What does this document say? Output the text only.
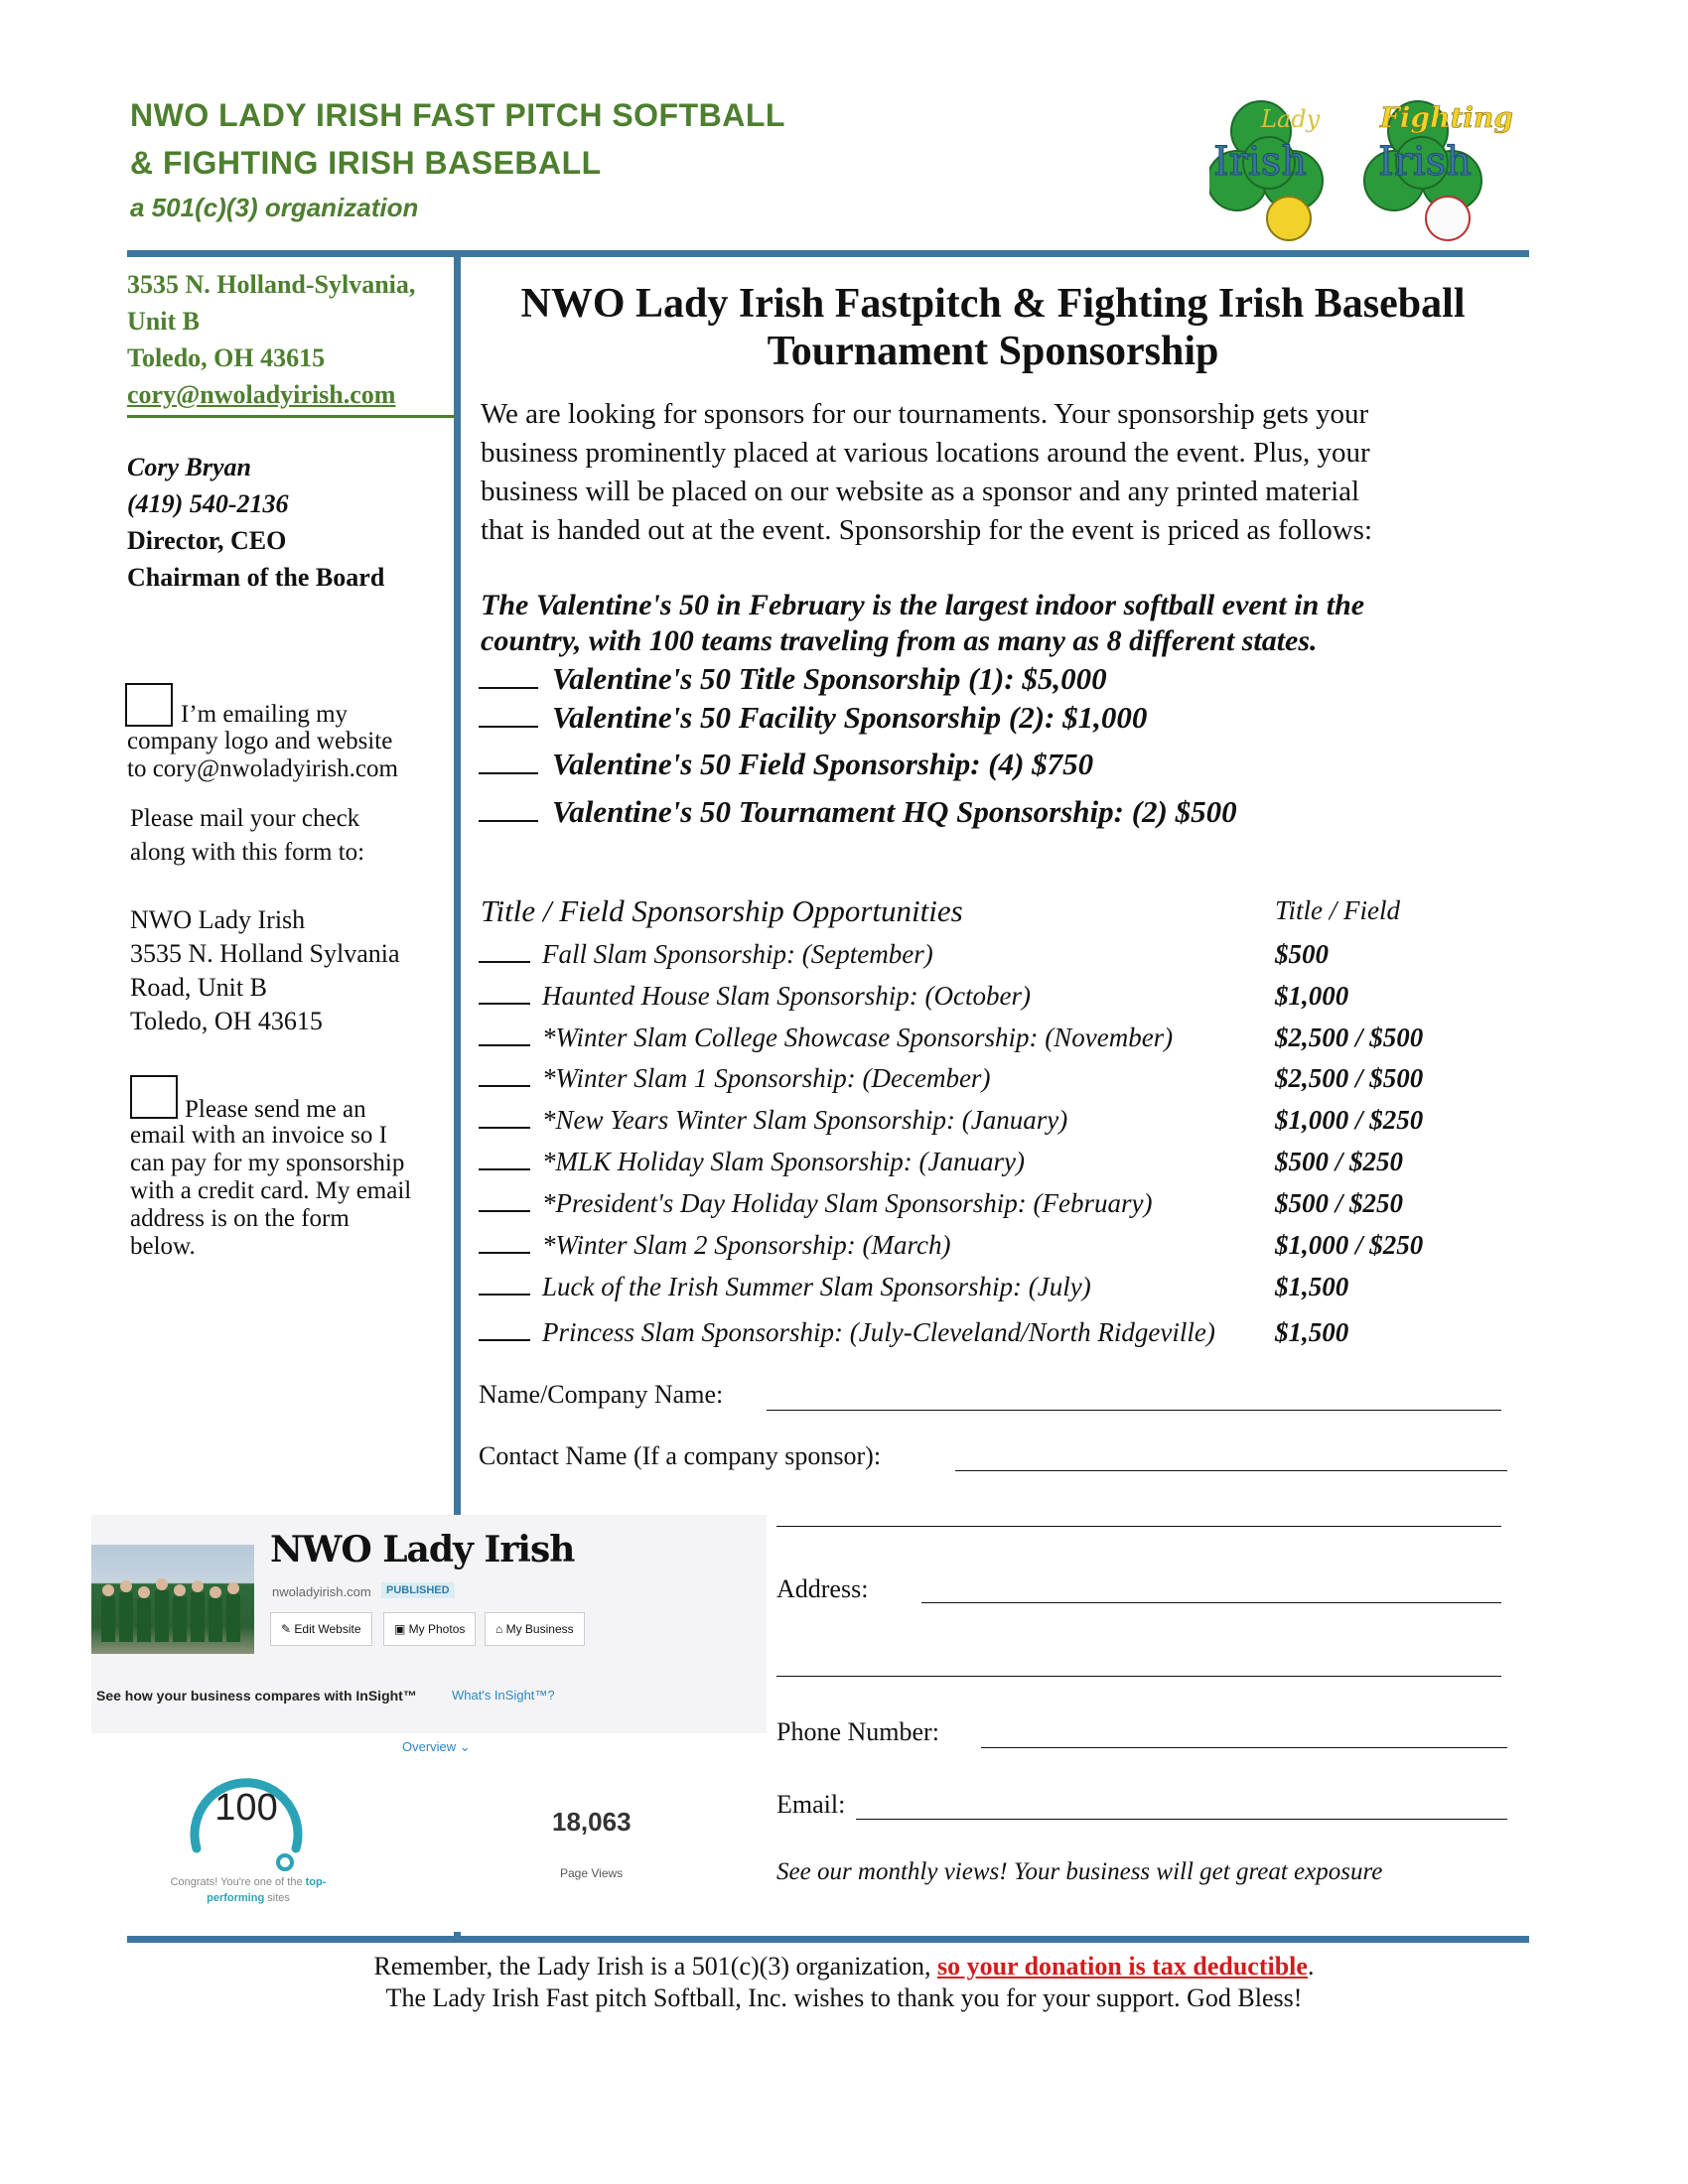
NWO LADY IRISH FAST PITCH SOFTBALL
& FIGHTING IRISH BASEBALL
a 501(c)(3) organization
Lady
Irish
Fighting
Irish
3535 N. Holland-Sylvania,
Unit B
Toledo, OH 43615
cory@nwoladyirish.com
Cory Bryan
(419) 540-2136
Director, CEO
Chairman of the Board
I’m emailing my
company logo and website
to cory@nwoladyirish.com
Please mail your check
along with this form to:
NWO Lady Irish
3535 N. Holland Sylvania
Road, Unit B
Toledo, OH 43615
Please send me an
email with an invoice so I
can pay for my sponsorship
with a credit card. My email
address is on the form
below.
NWO Lady Irish Fastpitch & Fighting Irish Baseball
Tournament Sponsorship
We are looking for sponsors for our tournaments. Your sponsorship gets your
business prominently placed at various locations around the event. Plus, your
business will be placed on our website as a sponsor and any printed material
that is handed out at the event. Sponsorship for the event is priced as follows:
The Valentine's 50 in February is the largest indoor softball event in the
country, with 100 teams traveling from as many as 8 different states.
Valentine's 50 Title Sponsorship (1): $5,000
Valentine's 50 Facility Sponsorship (2): $1,000
Valentine's 50 Field Sponsorship: (4) $750
Valentine's 50 Tournament HQ Sponsorship: (2) $500
Title / Field Sponsorship Opportunities	Title / Field
Fall Slam Sponsorship: (September)	$500
Haunted House Slam Sponsorship: (October)	$1,000
*Winter Slam College Showcase Sponsorship: (November)	$2,500 / $500
*Winter Slam 1 Sponsorship: (December)	$2,500 / $500
*New Years Winter Slam Sponsorship: (January)	$1,000 / $250
*MLK Holiday Slam Sponsorship: (January)	$500 / $250
*President's Day Holiday Slam Sponsorship: (February)	$500 / $250
*Winter Slam 2 Sponsorship: (March)	$1,000 / $250
Luck of the Irish Summer Slam Sponsorship: (July)	$1,500
Princess Slam Sponsorship: (July-Cleveland/North Ridgeville)	$1,500
Name/Company Name:
Contact Name (If a company sponsor):
Address:
Phone Number:
Email:
See our monthly views! Your business will get great exposure
NWO Lady Irish
nwoladyirish.com	PUBLISHED
✎ Edit Website	▣ My Photos	⌂ My Business
See how your business compares with InSight™	What's InSight™?
Overview ⌄
100
Congrats! You're one of the top-
performing sites
18,063
Page Views
Remember, the Lady Irish is a 501(c)(3) organization, so your donation is tax deductible.
The Lady Irish Fast pitch Softball, Inc. wishes to thank you for your support. God Bless!
